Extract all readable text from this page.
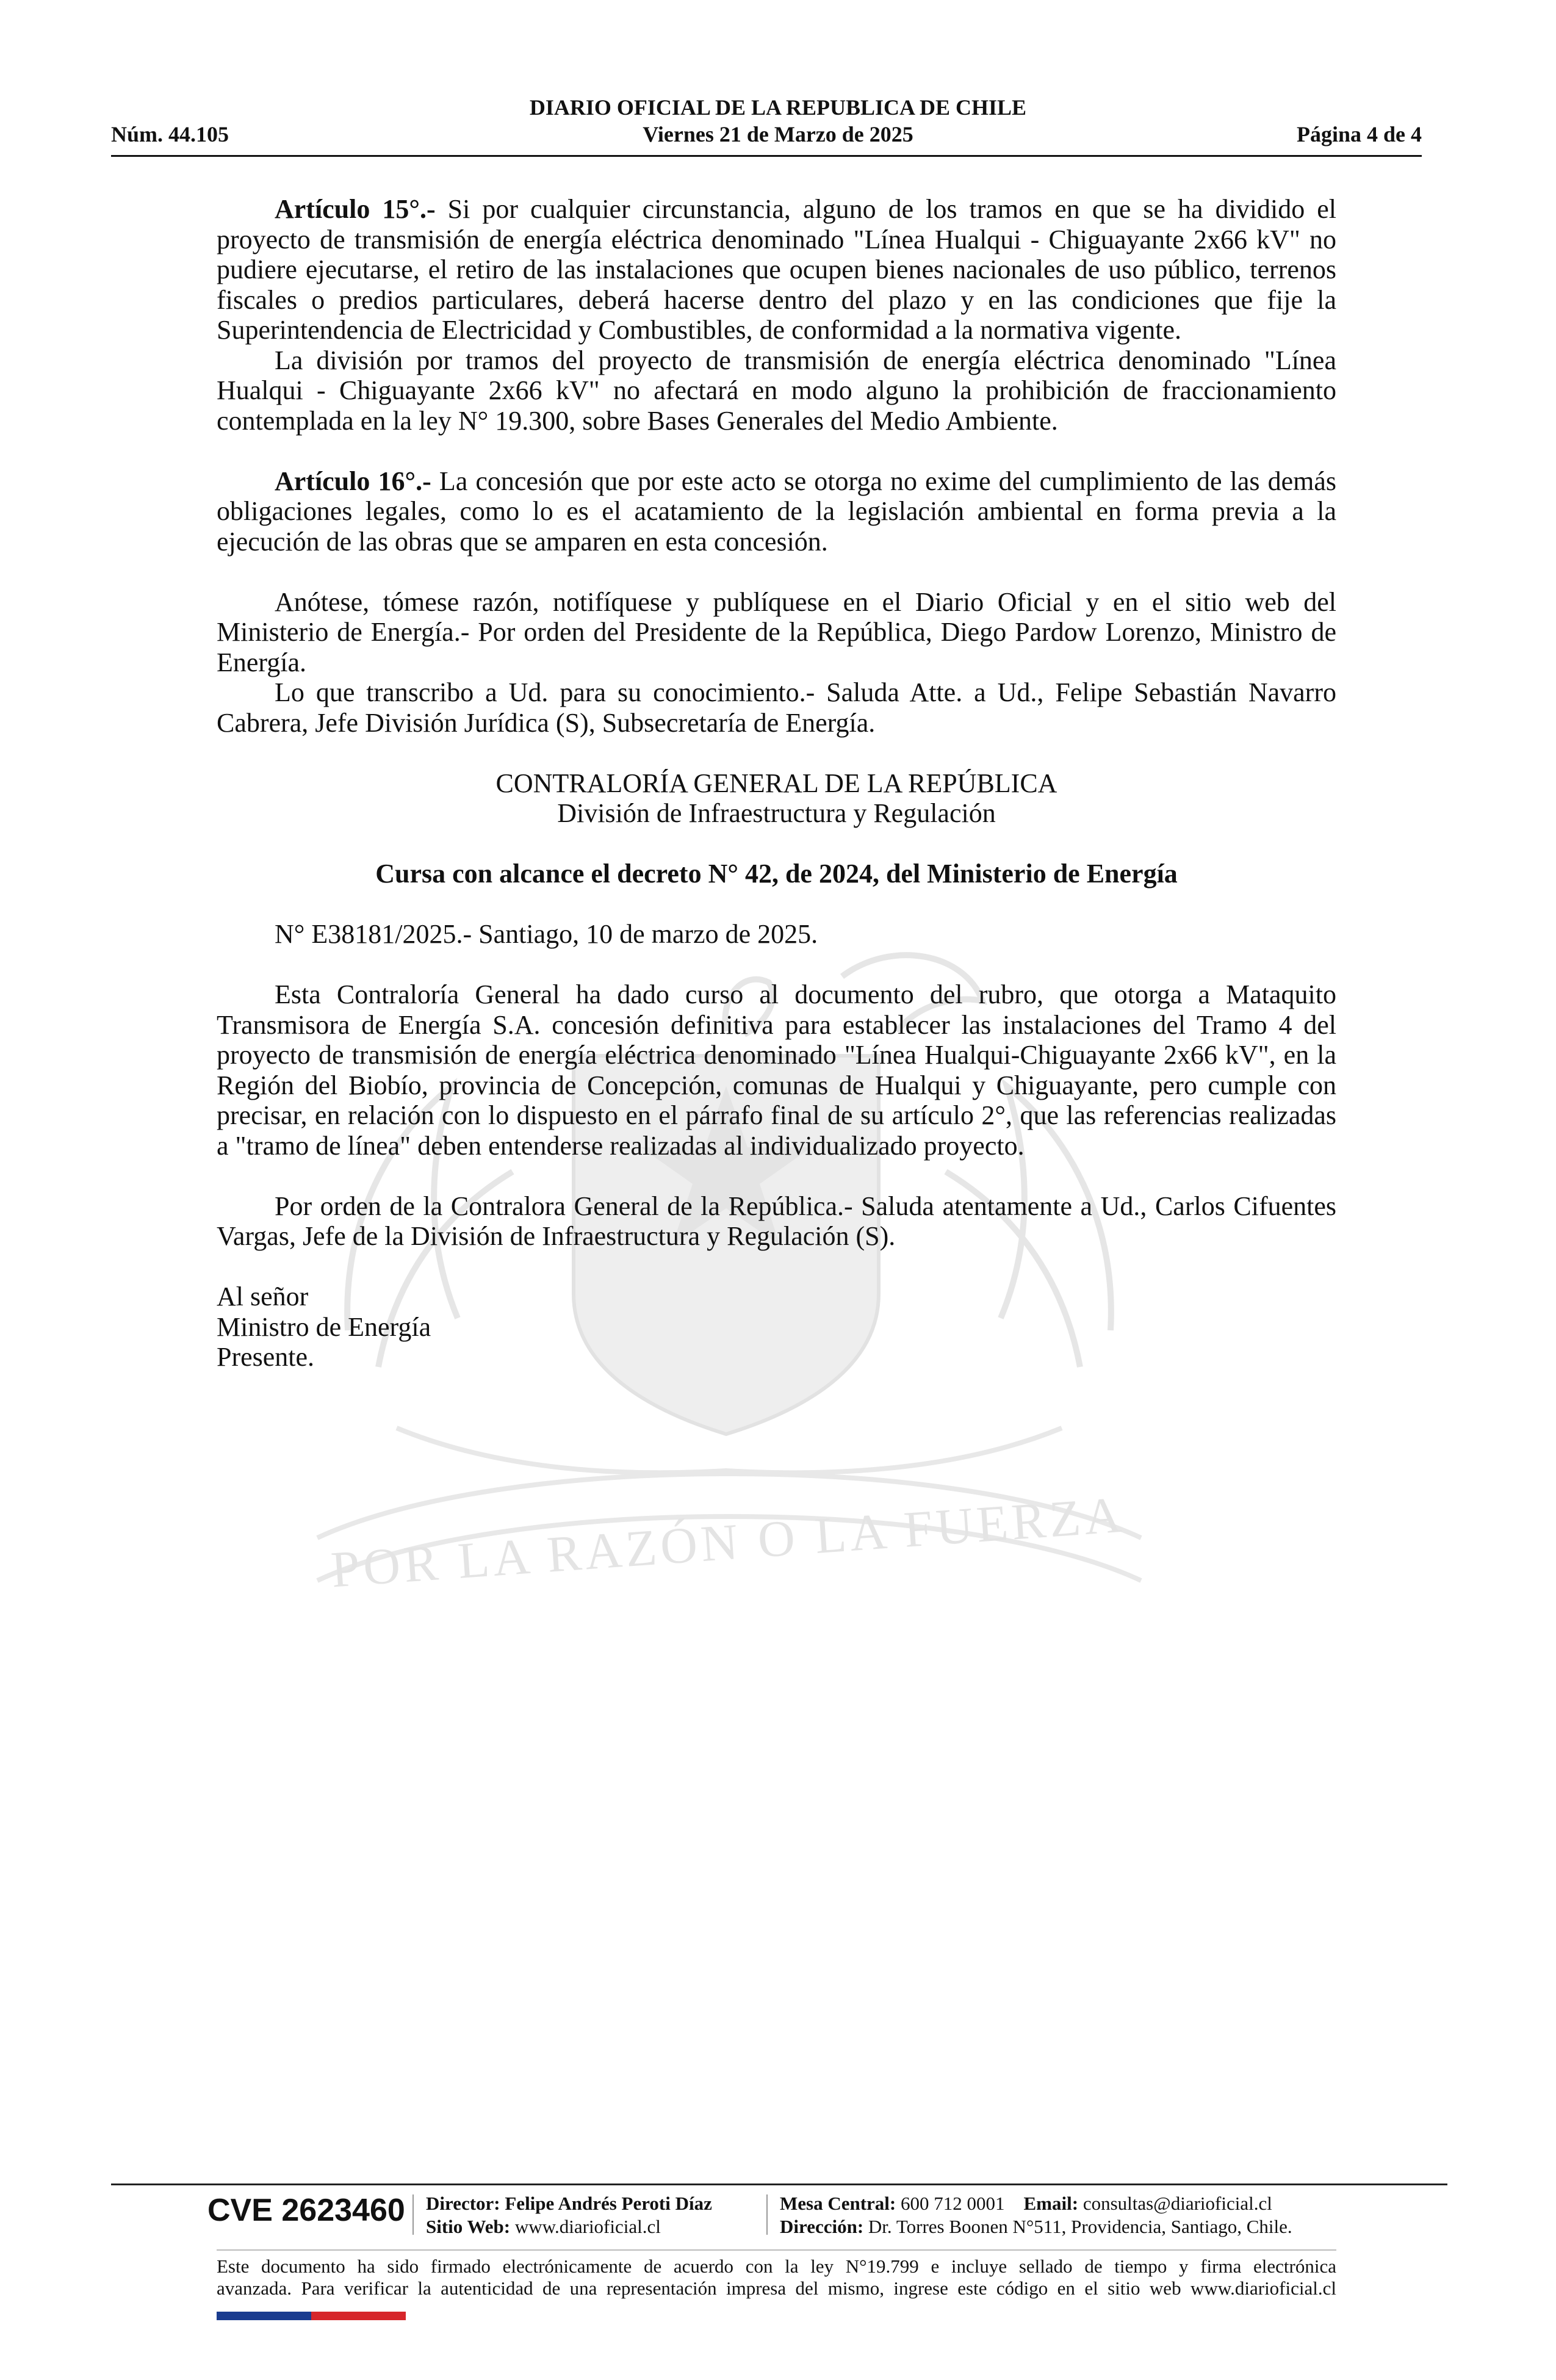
DIARIO OFICIAL DE LA REPUBLICA DE CHILE
Núm. 44.105	Viernes 21 de Marzo de 2025	Página 4 de 4
POR LA RAZÓN O LA FUERZA

Artículo 15°.- Si por cualquier circunstancia, alguno de los tramos en que se ha dividido el proyecto de transmisión de energía eléctrica denominado "Línea Hualqui - Chiguayante 2x66 kV" no pudiere ejecutarse, el retiro de las instalaciones que ocupen bienes nacionales de uso público, terrenos fiscales o predios particulares, deberá hacerse dentro del plazo y en las condiciones que fije la Superintendencia de Electricidad y Combustibles, de conformidad a la normativa vigente.

La división por tramos del proyecto de transmisión de energía eléctrica denominado "Línea Hualqui - Chiguayante 2x66 kV" no afectará en modo alguno la prohibición de fraccionamiento contemplada en la ley N° 19.300, sobre Bases Generales del Medio Ambiente.

Artículo 16°.- La concesión que por este acto se otorga no exime del cumplimiento de las demás obligaciones legales, como lo es el acatamiento de la legislación ambiental en forma previa a la ejecución de las obras que se amparen en esta concesión.

Anótese, tómese razón, notifíquese y publíquese en el Diario Oficial y en el sitio web del Ministerio de Energía.- Por orden del Presidente de la República, Diego Pardow Lorenzo, Ministro de Energía.

Lo que transcribo a Ud. para su conocimiento.- Saluda Atte. a Ud., Felipe Sebastián Navarro Cabrera, Jefe División Jurídica (S), Subsecretaría de Energía.

CONTRALORÍA GENERAL DE LA REPÚBLICA

División de Infraestructura y Regulación

Cursa con alcance el decreto N° 42, de 2024, del Ministerio de Energía

N° E38181/2025.- Santiago, 10 de marzo de 2025.

Esta Contraloría General ha dado curso al documento del rubro, que otorga a Mataquito Transmisora de Energía S.A. concesión definitiva para establecer las instalaciones del Tramo 4 del proyecto de transmisión de energía eléctrica denominado "Línea Hualqui-Chiguayante 2x66 kV", en la Región del Biobío, provincia de Concepción, comunas de Hualqui y Chiguayante, pero cumple con precisar, en relación con lo dispuesto en el párrafo final de su artículo 2°, que las referencias realizadas a "tramo de línea" deben entenderse realizadas al individualizado proyecto.

Por orden de la Contralora General de la República.- Saluda atentamente a Ud., Carlos Cifuentes Vargas, Jefe de la División de Infraestructura y Regulación (S).

Al señor

Ministro de Energía

Presente.

CVE 2623460 Director: Felipe Andrés Peroti Díaz
Sitio Web: www.diarioficial.cl
Mesa Central: 600 712 0001 Email: consultas@diarioficial.cl
Dirección: Dr. Torres Boonen N°511, Providencia, Santiago, Chile.
Este documento ha sido firmado electrónicamente de acuerdo con la ley N°19.799 e incluye sellado de tiempo y firma electrónica
avanzada. Para verificar la autenticidad de una representación impresa del mismo, ingrese este código en el sitio web www.diarioficial.cl
